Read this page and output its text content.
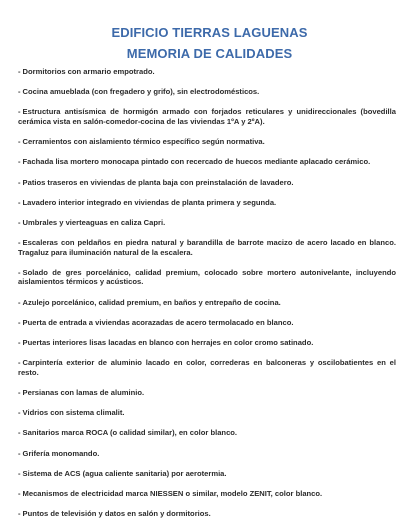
EDIFICIO TIERRAS LAGUENAS
MEMORIA DE CALIDADES
- Dormitorios con armario empotrado.
- Cocina amueblada (con fregadero y grifo), sin electrodomésticos.
- Estructura antisísmica de hormigón armado con forjados reticulares y unidireccionales (bovedilla cerámica vista en salón-comedor-cocina de las viviendas 1ºA y 2ºA).
- Cerramientos con aislamiento térmico específico según normativa.
- Fachada lisa mortero monocapa pintado con recercado de huecos mediante aplacado cerámico.
- Patios traseros en viviendas de planta baja con preinstalación de lavadero.
- Lavadero interior integrado en viviendas de planta primera y segunda.
- Umbrales y vierteaguas en caliza Capri.
- Escaleras con peldaños en piedra natural y barandilla de barrote macizo de acero lacado en blanco. Tragaluz para iluminación natural de la escalera.
- Solado de gres porcelánico, calidad premium, colocado sobre mortero autonivelante, incluyendo aislamientos térmicos y acústicos.
- Azulejo porcelánico, calidad premium, en baños y entrepaño de cocina.
- Puerta de entrada a viviendas acorazadas de acero termolacado en blanco.
- Puertas interiores lisas lacadas en blanco con herrajes en color cromo satinado.
- Carpintería exterior de aluminio lacado en color, correderas en balconeras y oscilobatientes en el resto.
- Persianas con lamas de aluminio.
- Vidrios con sistema climalit.
- Sanitarios marca ROCA (o calidad similar), en color blanco.
- Grifería monomando.
- Sistema de ACS (agua caliente sanitaria) por aerotermia.
- Mecanismos de electricidad marca NIESSEN o similar, modelo ZENIT, color blanco.
- Puntos de televisión y datos en salón y dormitorios.
